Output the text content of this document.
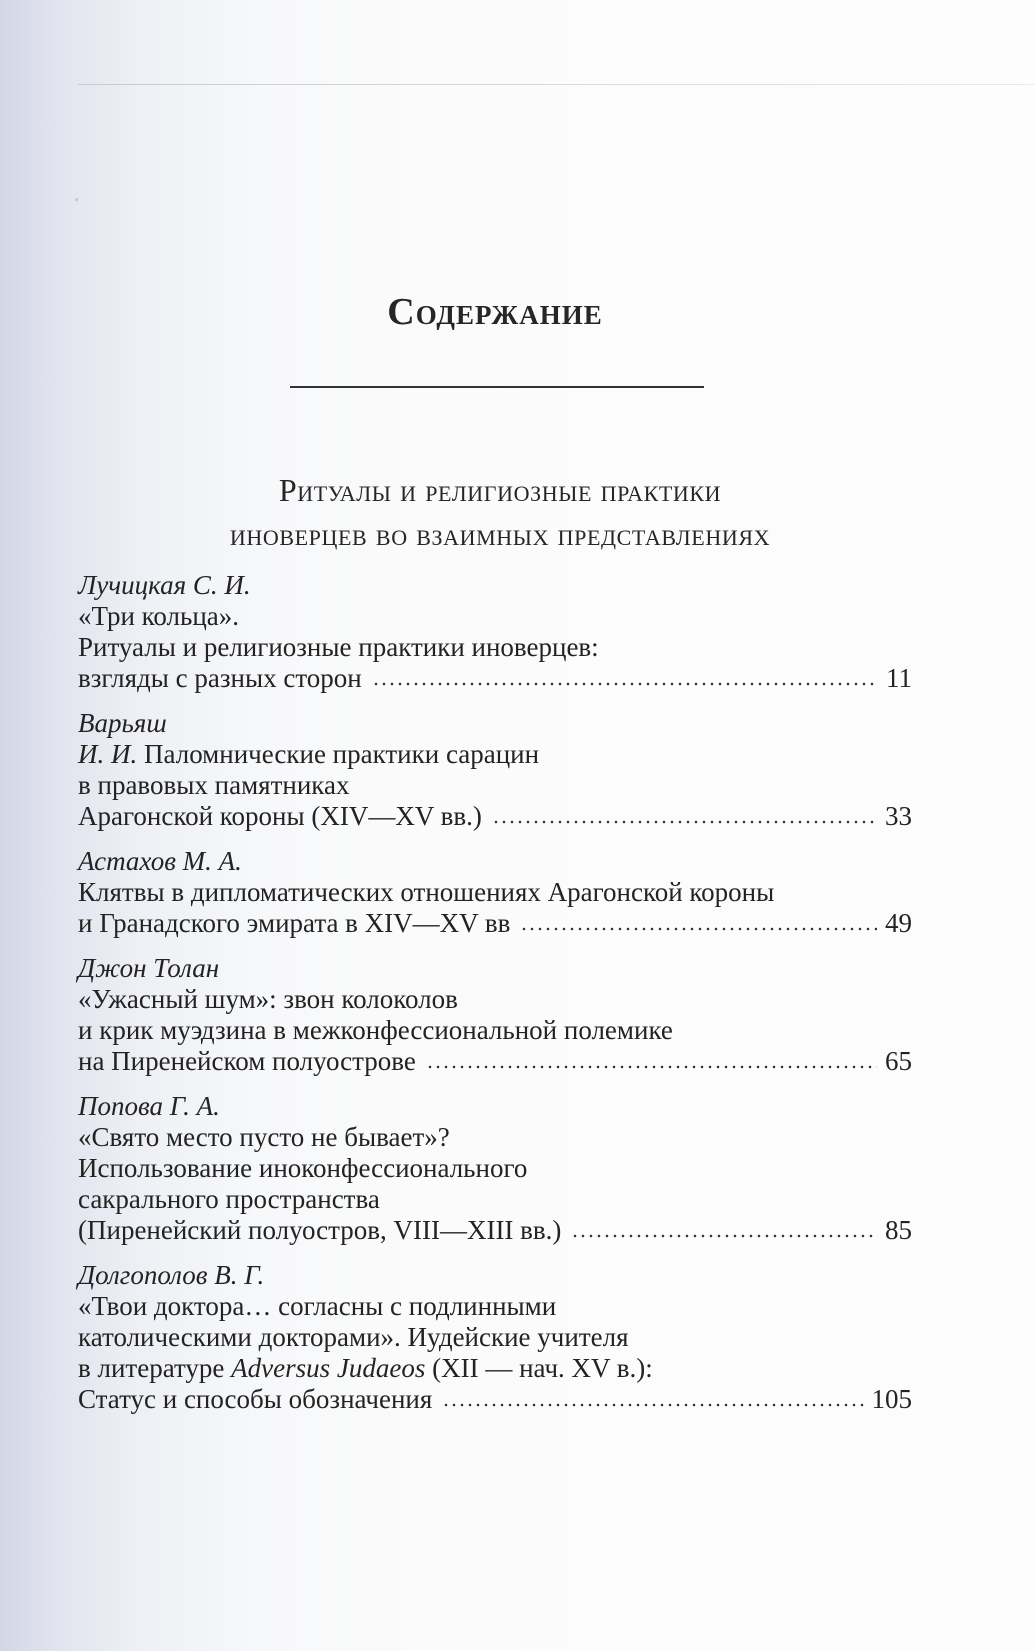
.
Содержание
Ритуалы и религиозные практики
иноверцев во взаимных представлениях
Лучицкая С. И.
«Три кольца».
Ритуалы и религиозные практики иноверцев:
взгляды с разных сторон	11
Варьяш
И. И. Паломнические практики сарацин
в правовых памятниках
Арагонской короны (XIV—XV вв.)	33
Астахов М. А.
Клятвы в дипломатических отношениях Арагонской короны
и Гранадского эмирата в XIV—XV вв	49
Джон Толан
«Ужасный шум»: звон колоколов
и крик муэдзина в межконфессиональной полемике
на Пиренейском полуострове	65
Попова Г. А.
«Свято место пусто не бывает»?
Использование иноконфессионального
сакрального пространства
(Пиренейский полуостров, VIII—XIII вв.)	85
Долгополов В. Г.
«Твои доктора… согласны с подлинными
католическими докторами». Иудейские учителя
в литературе Adversus Judaeos (XII — нач. XV в.):
Статус и способы обозначения	105
